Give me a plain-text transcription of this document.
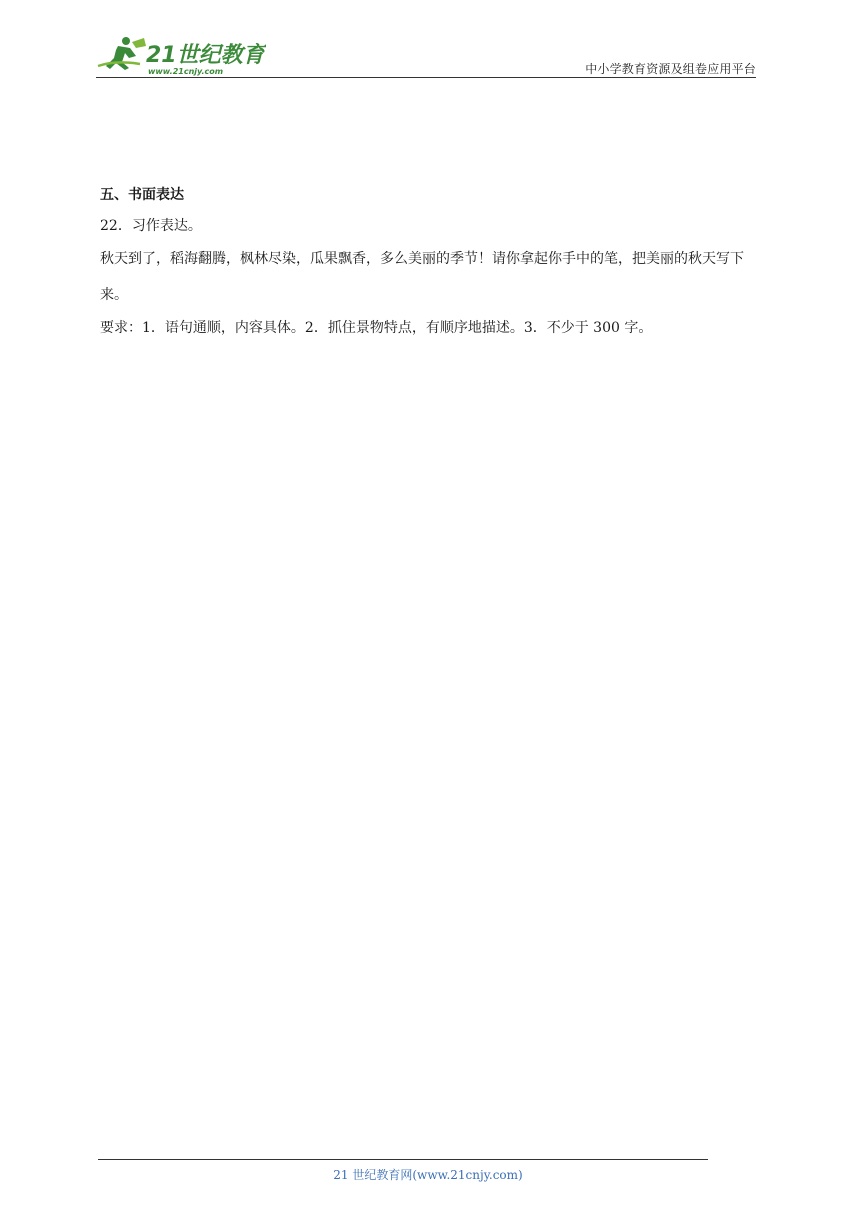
21世纪教育
www.21cnjy.com	中小学教育资源及组卷应用平台

五、书面表达

22．习作表达。

秋天到了，稻海翻腾，枫林尽染，瓜果飘香，多么美丽的季节！请你拿起你手中的笔，把美丽的秋天写下来。

要求：1．语句通顺，内容具体。2．抓住景物特点，有顺序地描述。3．不少于 300 字。

21 世纪教育网(www.21cnjy.com)
